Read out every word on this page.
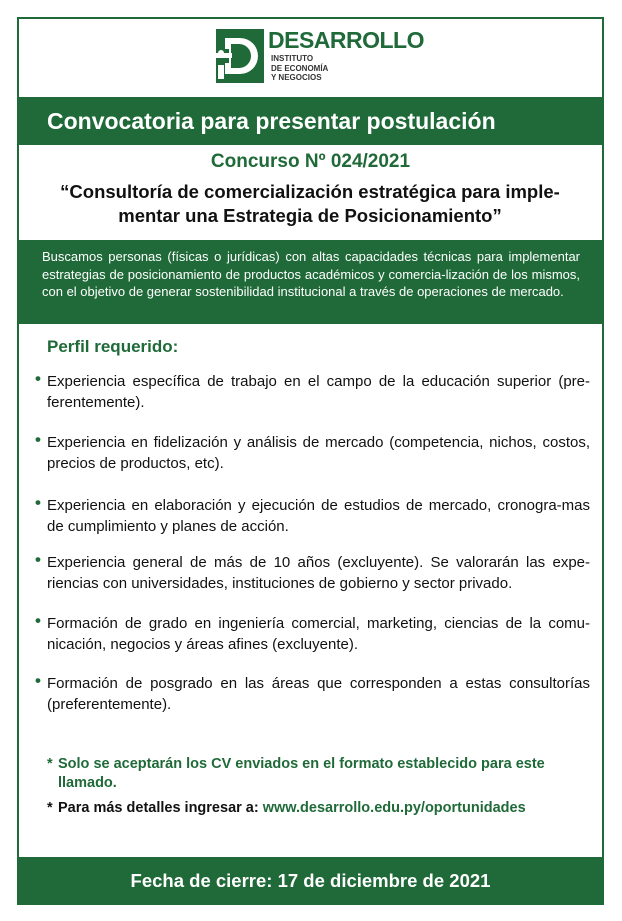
DESARROLLO
INSTITUTO
DE ECONOMÍA
Y NEGOCIOS
Convocatoria para presentar postulación
Concurso Nº 024/2021
“Consultoría de comercialización estratégica para imple-
mentar una Estrategia de Posicionamiento”
Buscamos personas (físicas o jurídicas) con altas capacidades técnicas para implementar estrategias de posicionamiento de productos académicos y comercia-lización de los mismos, con el objetivo de generar sostenibilidad institucional a través de operaciones de mercado.
Perfil requerido:
• Experiencia específica de trabajo en el campo de la educación superior (pre-ferentemente).
• Experiencia en fidelización y análisis de mercado (competencia, nichos, costos, precios de productos, etc).
• Experiencia en elaboración y ejecución de estudios de mercado, cronogra-mas de cumplimiento y planes de acción.
• Experiencia general de más de 10 años (excluyente). Se valorarán las expe-riencias con universidades, instituciones de gobierno y sector privado.
• Formación de grado en ingeniería comercial, marketing, ciencias de la comu-nicación, negocios y áreas afines (excluyente).
• Formación de posgrado en las áreas que corresponden a estas consultorías (preferentemente).
* Solo se aceptarán los CV enviados en el formato establecido para este llamado.
* Para más detalles ingresar a: www.desarrollo.edu.py/oportunidades
Fecha de cierre: 17 de diciembre de 2021
